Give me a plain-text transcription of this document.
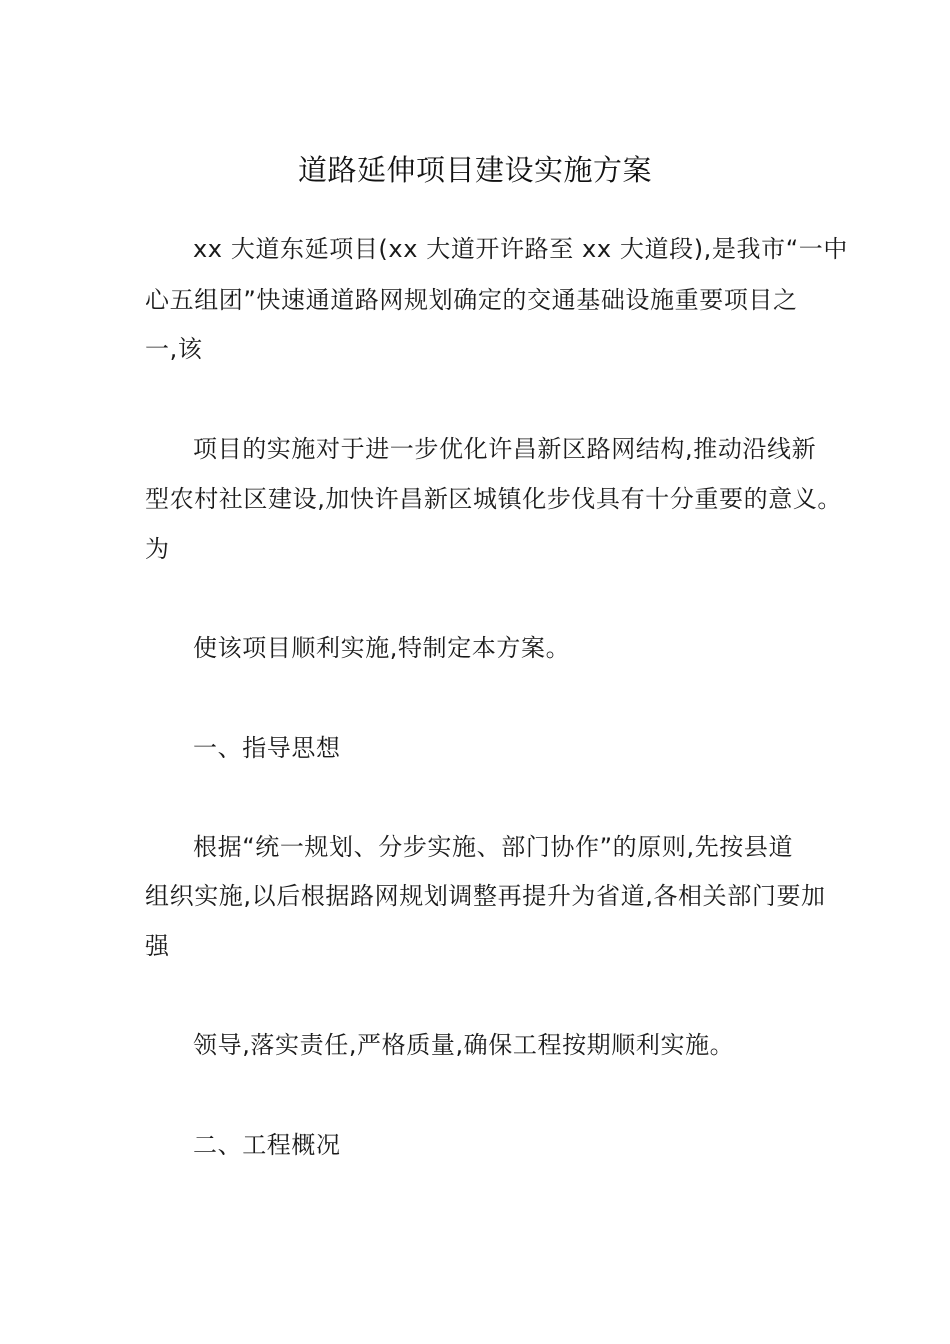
道路延伸项目建设实施方案
xx 大道东延项目(xx 大道开许路至 xx 大道段),是我市“一中
心五组团”快速通道路网规划确定的交通基础设施重要项目之
一,该
项目的实施对于进一步优化许昌新区路网结构,推动沿线新
型农村社区建设,加快许昌新区城镇化步伐具有十分重要的意义。
为
使该项目顺利实施,特制定本方案。
一、指导思想
根据“统一规划、分步实施、部门协作”的原则,先按县道
组织实施,以后根据路网规划调整再提升为省道,各相关部门要加
强
领导,落实责任,严格质量,确保工程按期顺利实施。
二、工程概况
